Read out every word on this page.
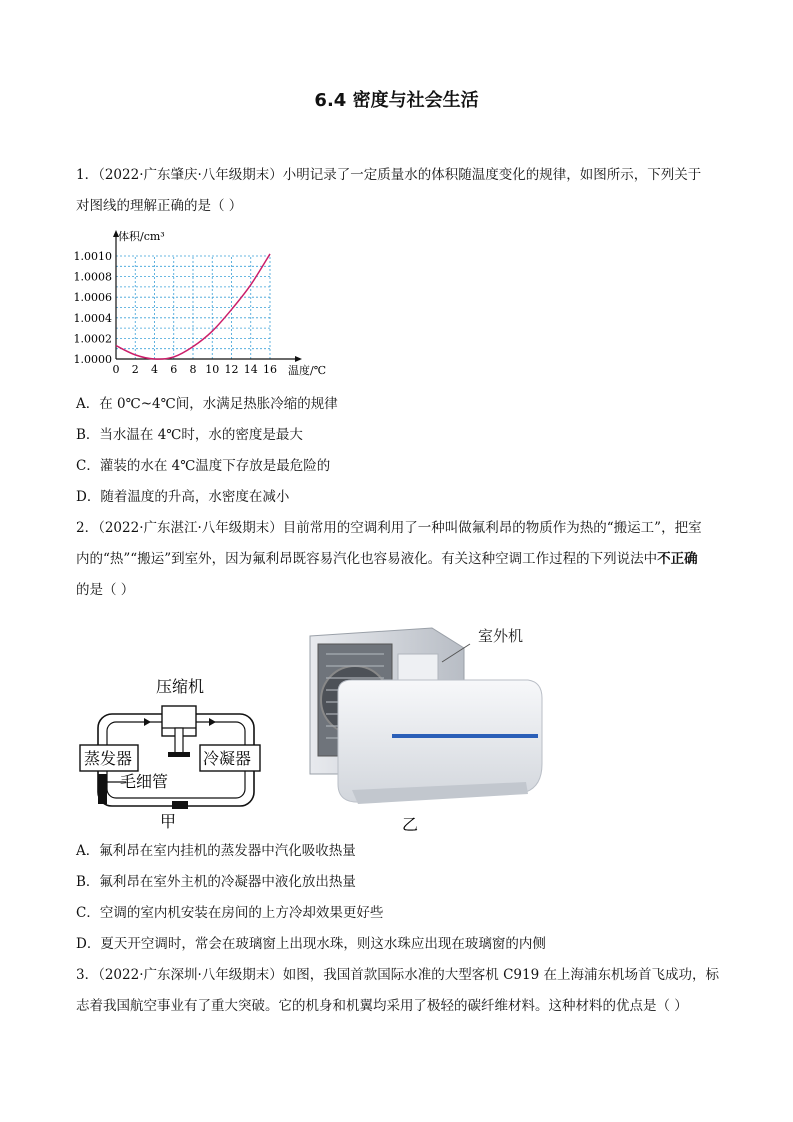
6.4 密度与社会生活
1．（2022·广东肇庆·八年级期末）小明记录了一定质量水的体积随温度变化的规律，如图所示，下列关于
对图线的理解正确的是（ ）
1.0000
1.0002
1.0004
1.0006
1.0008
1.0010
0 2 4 6 8 10 12 14 16
体积/cm³
温度/℃
A．在 0℃~4℃间，水满足热胀冷缩的规律
B．当水温在 4℃时，水的密度是最大
C．灌装的水在 4℃温度下存放是最危险的
D．随着温度的升高，水密度在减小
2．（2022·广东湛江·八年级期末）目前常用的空调利用了一种叫做氟利昂的物质作为热的“搬运工”，把室
内的“热”“搬运”到室外，因为氟利昂既容易汽化也容易液化。有关这种空调工作过程的下列说法中不正确
的是（ ）
压缩机
蒸发器	冷凝器
毛细管
甲
室外机
乙
A．氟利昂在室内挂机的蒸发器中汽化吸收热量
B．氟利昂在室外主机的冷凝器中液化放出热量
C．空调的室内机安装在房间的上方冷却效果更好些
D．夏天开空调时，常会在玻璃窗上出现水珠，则这水珠应出现在玻璃窗的内侧
3．（2022·广东深圳·八年级期末）如图，我国首款国际水准的大型客机 C919 在上海浦东机场首飞成功，标
志着我国航空事业有了重大突破。它的机身和机翼均采用了极轻的碳纤维材料。这种材料的优点是（ ）
